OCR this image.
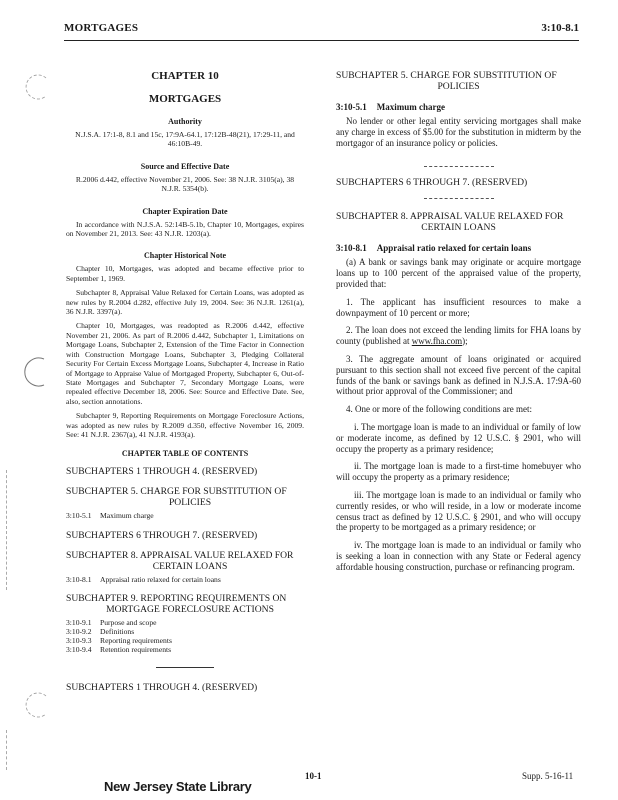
MORTGAGES	3:10-8.1
CHAPTER 10
MORTGAGES
Authority

N.J.S.A. 17:1-8, 8.1 and 15c, 17:9A-64.1, 17:12B-48(21), 17:29-11, and 46:10B-49.

Source and Effective Date

R.2006 d.442, effective November 21, 2006. See: 38 N.J.R. 3105(a), 38 N.J.R. 5354(b).

Chapter Expiration Date

In accordance with N.J.S.A. 52:14B-5.1b, Chapter 10, Mortgages, expires on November 21, 2013. See: 43 N.J.R. 1203(a).

Chapter Historical Note

Chapter 10, Mortgages, was adopted and became effective prior to September 1, 1969.

Subchapter 8, Appraisal Value Relaxed for Certain Loans, was adopted as new rules by R.2004 d.282, effective July 19, 2004. See: 36 N.J.R. 1261(a), 36 N.J.R. 3397(a).

Chapter 10, Mortgages, was readopted as R.2006 d.442, effective November 21, 2006. As part of R.2006 d.442, Subchapter 1, Limitations on Mortgage Loans, Subchapter 2, Extension of the Time Factor in Connection with Construction Mortgage Loans, Subchapter 3, Pledging Collateral Security For Certain Excess Mortgage Loans, Subchapter 4, Increase in Ratio of Mortgage to Appraise Value of Mortgaged Property, Subchapter 6, Out-of-State Mortgages and Subchapter 7, Secondary Mortgage Loans, were repealed effective December 18, 2006. See: Source and Effective Date. See, also, section annotations.

Subchapter 9, Reporting Requirements on Mortgage Foreclosure Actions, was adopted as new rules by R.2009 d.350, effective November 16, 2009. See: 41 N.J.R. 2367(a), 41 N.J.R. 4193(a).

CHAPTER TABLE OF CONTENTS
SUBCHAPTERS 1 THROUGH 4. (RESERVED)
SUBCHAPTER 5. CHARGE FOR SUBSTITUTION OF
POLICIES
3:10-5.1	Maximum charge
SUBCHAPTERS 6 THROUGH 7. (RESERVED)
SUBCHAPTER 8. APPRAISAL VALUE RELAXED FOR
CERTAIN LOANS
3:10-8.1	Appraisal ratio relaxed for certain loans
SUBCHAPTER 9. REPORTING REQUIREMENTS ON
MORTGAGE FORECLOSURE ACTIONS
3:10-9.1	Purpose and scope
3:10-9.2	Definitions
3:10-9.3	Reporting requirements
3:10-9.4	Retention requirements
SUBCHAPTERS 1 THROUGH 4. (RESERVED)
SUBCHAPTER 5. CHARGE FOR SUBSTITUTION OF
POLICIES
3:10-5.1 Maximum charge

No lender or other legal entity servicing mortgages shall make any charge in excess of $5.00 for the substitution in midterm by the mortgagor of an insurance policy or policies.

SUBCHAPTERS 6 THROUGH 7. (RESERVED)
SUBCHAPTER 8. APPRAISAL VALUE RELAXED FOR
CERTAIN LOANS
3:10-8.1 Appraisal ratio relaxed for certain loans

(a) A bank or savings bank may originate or acquire mortgage loans up to 100 percent of the appraised value of the property, provided that:

1. The applicant has insufficient resources to make a downpayment of 10 percent or more;

2. The loan does not exceed the lending limits for FHA loans by county (published at www.fha.com);

3. The aggregate amount of loans originated or acquired pursuant to this section shall not exceed five percent of the capital funds of the bank or savings bank as defined in N.J.S.A. 17:9A-60 without prior approval of the Commissioner; and

4. One or more of the following conditions are met:

i. The mortgage loan is made to an individual or family of low or moderate income, as defined by 12 U.S.C. § 2901, who will occupy the property as a primary residence;

ii. The mortgage loan is made to a first-time homebuyer who will occupy the property as a primary residence;

iii. The mortgage loan is made to an individual or family who currently resides, or who will reside, in a low or moderate income census tract as defined by 12 U.S.C. § 2901, and who will occupy the property to be mortgaged as a primary residence; or

iv. The mortgage loan is made to an individual or family who is seeking a loan in connection with any State or Federal agency affordable housing construction, purchase or refinancing program.

10-1	Supp. 5-16-11
New Jersey State Library
